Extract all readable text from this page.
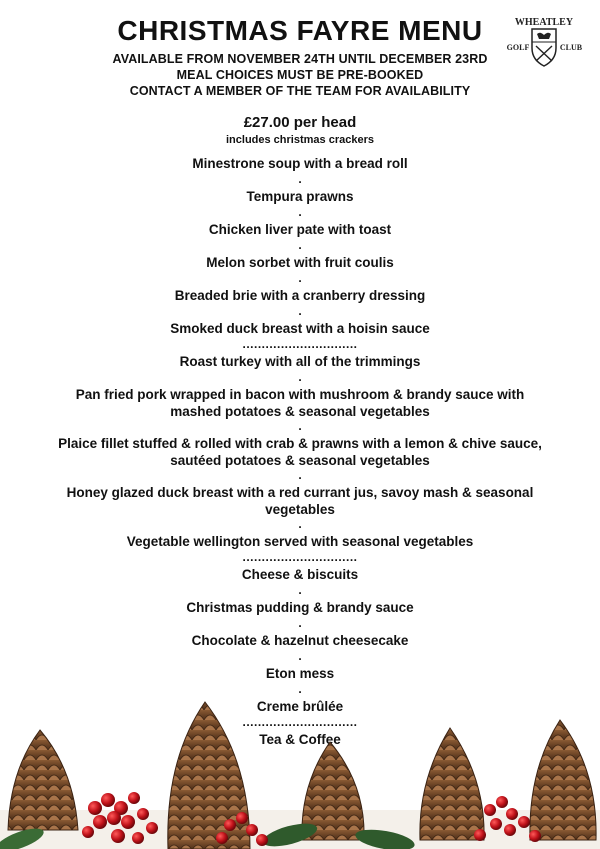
CHRISTMAS FAYRE MENU
AVAILABLE FROM NOVEMBER 24TH UNTIL DECEMBER 23RD
MEAL CHOICES MUST BE PRE-BOOKED
CONTACT A MEMBER OF THE TEAM FOR AVAILABILITY
WHEATLEY
GOLF	CLUB
£27.00 per head
includes christmas crackers
Minestrone soup with a bread roll
.
Tempura prawns
.
Chicken liver pate with toast
.
Melon sorbet with fruit coulis
.
Breaded brie with a cranberry dressing
.
Smoked duck breast with a hoisin sauce
..............................
Roast turkey with all of the trimmings
.
Pan fried pork wrapped in bacon with mushroom & brandy sauce with mashed potatoes & seasonal vegetables
.
Plaice fillet stuffed & rolled with crab & prawns with a lemon & chive sauce, sautéed potatoes & seasonal vegetables
.
Honey glazed duck breast with a red currant jus, savoy mash & seasonal vegetables
.
Vegetable wellington served with seasonal vegetables
..............................
Cheese & biscuits
.
Christmas pudding & brandy sauce
.
Chocolate & hazelnut cheesecake
.
Eton mess
.
Creme brûlée
..............................
Tea & Coffee
